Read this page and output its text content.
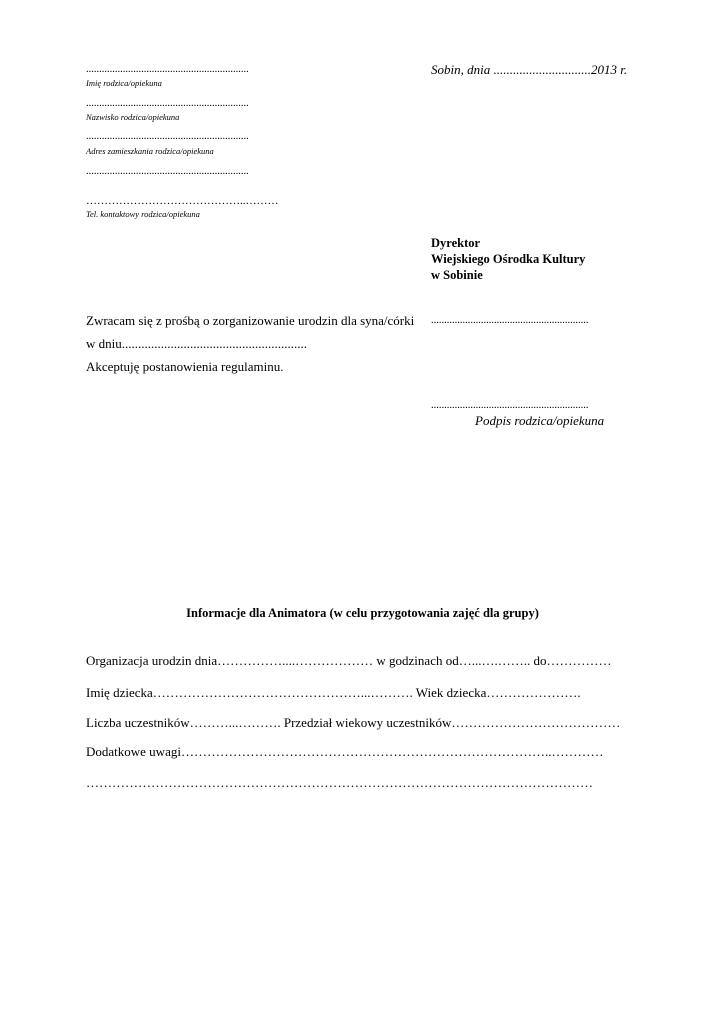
..............................................................
Imię rodzica/opiekuna
..............................................................
Nazwisko rodzica/opiekuna
..............................................................
Adres zamieszkania rodzica/opiekuna
..............................................................
……………………………………..………
Tel. kontaktowy rodzica/opiekuna
Sobin, dnia ..............................2013 r.
Dyrektor
Wiejskiego Ośrodka Kultury
w Sobinie
Zwracam się z prośbą o zorganizowanie urodzin dla syna/córki ............................................................
w dniu.........................................................
Akceptuję postanowienia regulaminu.
............................................................
Podpis rodzica/opiekuna
Informacje dla Animatora (w celu przygotowania zajęć dla grupy)
Organizacja urodzin dnia……………....……………… w godzinach od…...….…….. do……………
Imię dziecka…………………………………………...………. Wiek dziecka………………….
Liczba uczestników………...………. Przedział wiekowy uczestników…………………………………
Dodatkowe uwagi…………………………………………………………………………..…………
………………………………………………………………………………………………………
